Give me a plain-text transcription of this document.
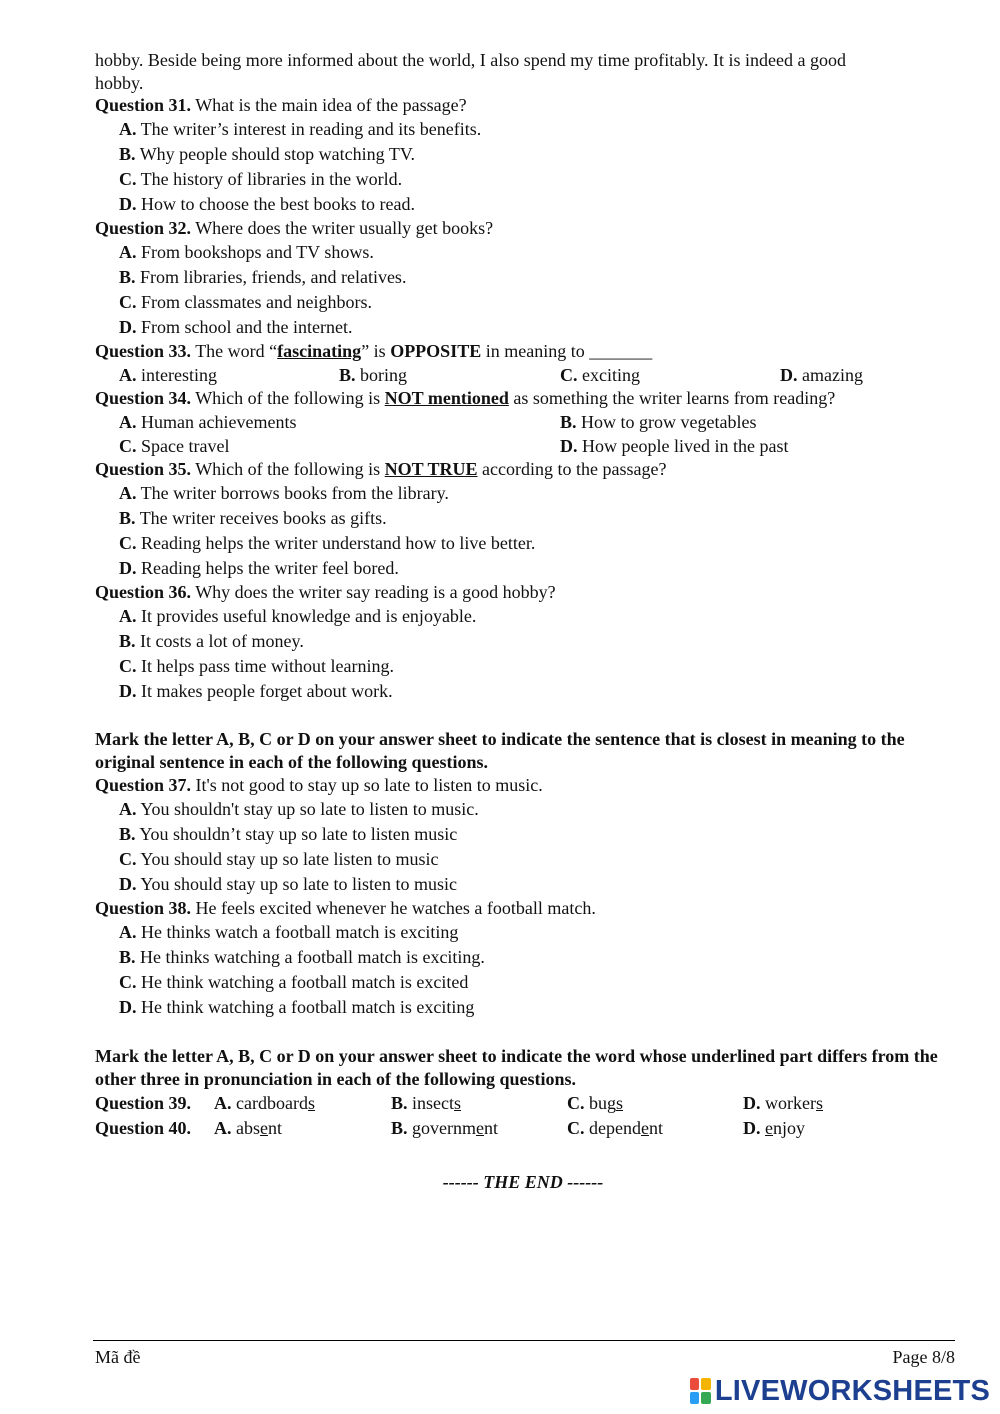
hobby. Beside being more informed about the world, I also spend my time profitably. It is indeed a good

hobby.

Question 31. What is the main idea of the passage?
A. The writer’s interest in reading and its benefits.
B. Why people should stop watching TV.
C. The history of libraries in the world.
D. How to choose the best books to read.
Question 32. Where does the writer usually get books?
A. From bookshops and TV shows.
B. From libraries, friends, and relatives.
C. From classmates and neighbors.
D. From school and the internet.
Question 33. The word “fascinating” is OPPOSITE in meaning to _______
A. interesting	B. boring	C. exciting	D. amazing
Question 34. Which of the following is NOT mentioned as something the writer learns from reading?
A. Human achievements	B. How to grow vegetables
C. Space travel	D. How people lived in the past
Question 35. Which of the following is NOT TRUE according to the passage?
A. The writer borrows books from the library.
B. The writer receives books as gifts.
C. Reading helps the writer understand how to live better.
D. Reading helps the writer feel bored.
Question 36. Why does the writer say reading is a good hobby?
A. It provides useful knowledge and is enjoyable.
B. It costs a lot of money.
C. It helps pass time without learning.
D. It makes people forget about work.
Mark the letter A, B, C or D on your answer sheet to indicate the sentence that is closest in meaning to the original sentence in each of the following questions.
Question 37. It's not good to stay up so late to listen to music.
A. You shouldn't stay up so late to listen to music.
B. You shouldn’t stay up so late to listen music
C. You should stay up so late listen to music
D. You should stay up so late to listen to music
Question 38. He feels excited whenever he watches a football match.
A. He thinks watch a football match is exciting
B. He thinks watching a football match is exciting.
C. He think watching a football match is excited
D. He think watching a football match is exciting
Mark the letter A, B, C or D on your answer sheet to indicate the word whose underlined part differs from the other three in pronunciation in each of the following questions.
Question 39. A. cardboards	B. insects	C. bugs	D. workers
Question 40. A. absent	B. government	C. dependent	D. enjoy
------ THE END ------
Mã đề	Page 8/8
LIVEWORKSHEETS
